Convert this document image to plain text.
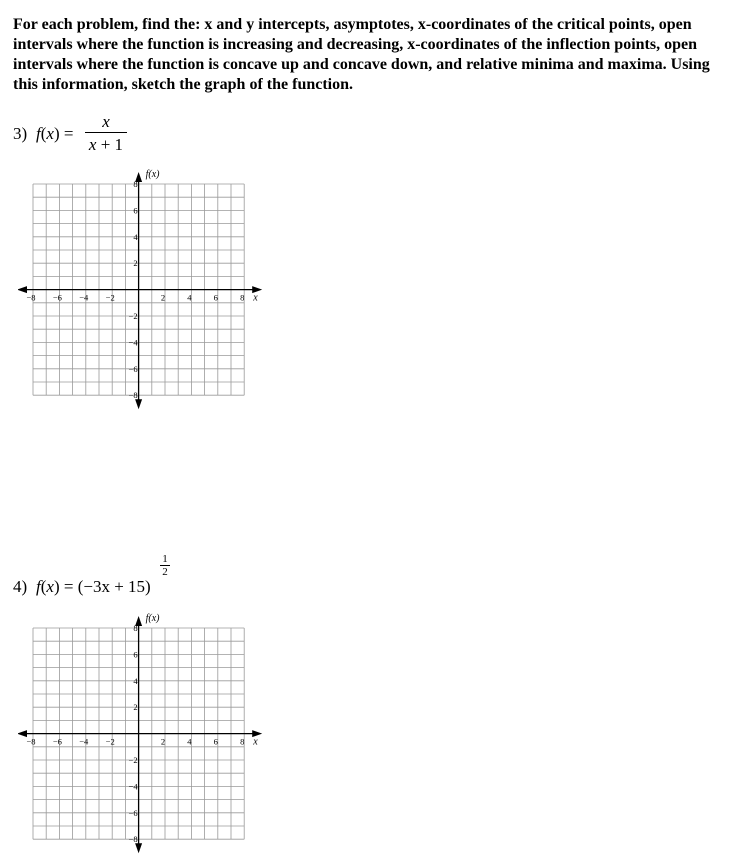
For each problem, find the: x and y intercepts, asymptotes, x-coordinates of the critical points, open intervals where the function is increasing and decreasing, x-coordinates of the inflection points, open intervals where the function is concave up and concave down, and relative minima and maxima. Using this information, sketch the graph of the function.

3) f(x) =
x
x + 1
−8 −6 −4 −2	2	4	6	8
8
6
4
2
−2
−4
−6
−8
f(x)
x
4) f(x) = (−3x + 15)
1
2
−8 −6 −4 −2	2	4	6	8
8
6
4
2
−2
−4
−6
−8
f(x)
x
